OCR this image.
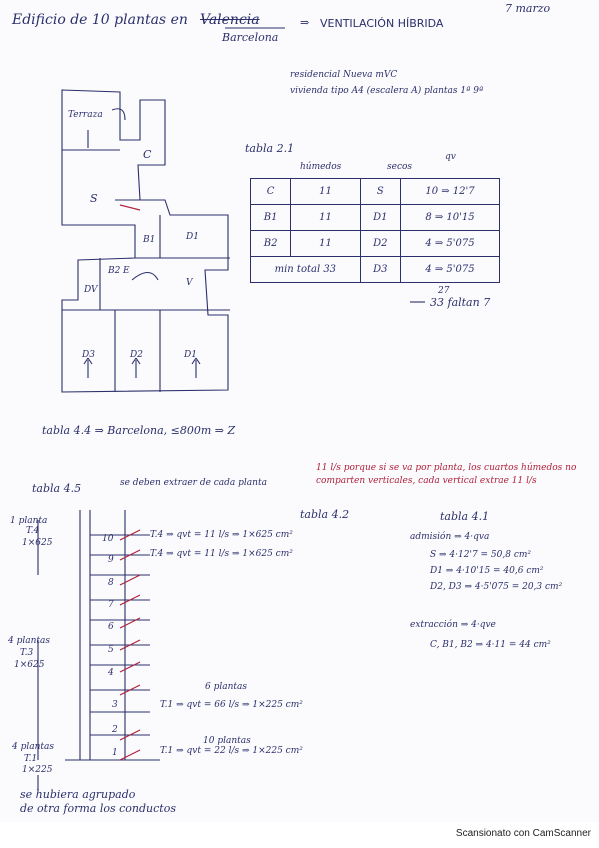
Edificio de 10 plantas en Valencia
Barcelona
⇒ VENTILACIÓN HÍBRIDA
7 marzo
residencial Nueva mVC
vivienda tipo A4 (escalera A) plantas 1ª 9ª
Terraza
C
S
B1	D1
B2 E
DV
V
D3	D2	D1
tabla 2.1
húmedos	secos
qv
C	11	S	10 ⇒ 12'7
B1	11	D1	8 ⇒ 10'15
B2	11	D2	4 ⇒ 5'075
min total 33		D3	4 ⇒ 5'075
27
33 faltan 7
tabla 4.4 ⇒ Barcelona, ≤800m ⇒ Z
tabla 4.5	se deben extraer de cada planta
11 l/s porque si se va por planta, los cuartos húmedos no comparten verticales, cada vertical extrae 11 l/s
tabla 4.2	tabla 4.1
10
9
8
7
6
5
4
3
2
1
T.4 ⇒ qvt = 11 l/s ⇒ 1×625 cm²
T.4 ⇒ qvt = 11 l/s ⇒ 1×625 cm²
6 plantas
T.1 ⇒ qvt = 66 l/s ⇒ 1×225 cm²
10 plantas
T.1 ⇒ qvt = 22 l/s ⇒ 1×225 cm²
1 planta
T.4
1×625
4 plantas
T.3
1×625
4 plantas
T.1
1×225
se hubiera agrupado
de otra forma los conductos
admisión ⇒ 4·qva
S ⇒ 4·12'7 = 50,8 cm²
D1 ⇒ 4·10'15 = 40,6 cm²
D2, D3 ⇒ 4·5'075 = 20,3 cm²
extracción ⇒ 4·qve
C, B1, B2 ⇒ 4·11 = 44 cm²
Scansionato con CamScanner
